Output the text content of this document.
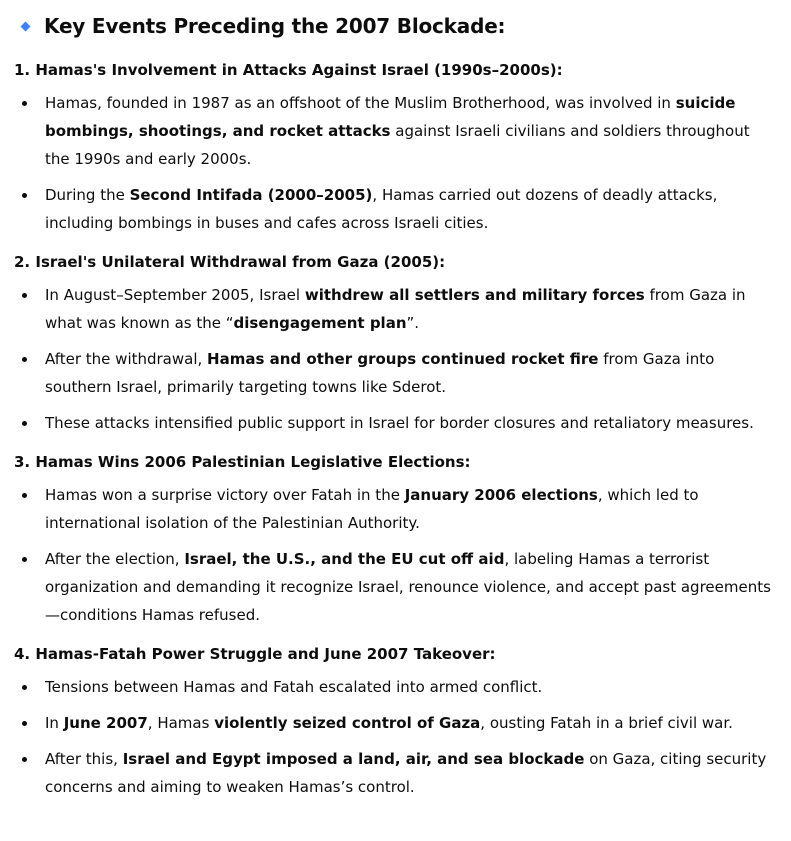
Key Events Preceding the 2007 Blockade:
1. Hamas's Involvement in Attacks Against Israel (1990s–2000s):
Hamas, founded in 1987 as an offshoot of the Muslim Brotherhood, was involved in suicide bombings, shootings, and rocket attacks against Israeli civilians and soldiers throughout the 1990s and early 2000s.
During the Second Intifada (2000–2005), Hamas carried out dozens of deadly attacks, including bombings in buses and cafes across Israeli cities.
2. Israel's Unilateral Withdrawal from Gaza (2005):
In August–September 2005, Israel withdrew all settlers and military forces from Gaza in what was known as the “disengagement plan”.
After the withdrawal, Hamas and other groups continued rocket fire from Gaza into southern Israel, primarily targeting towns like Sderot.
These attacks intensified public support in Israel for border closures and retaliatory measures.
3. Hamas Wins 2006 Palestinian Legislative Elections:
Hamas won a surprise victory over Fatah in the January 2006 elections, which led to international isolation of the Palestinian Authority.
After the election, Israel, the U.S., and the EU cut off aid, labeling Hamas a terrorist organization and demanding it recognize Israel, renounce violence, and accept past agreements—conditions Hamas refused.
4. Hamas-Fatah Power Struggle and June 2007 Takeover:
Tensions between Hamas and Fatah escalated into armed conflict.
In June 2007, Hamas violently seized control of Gaza, ousting Fatah in a brief civil war.
After this, Israel and Egypt imposed a land, air, and sea blockade on Gaza, citing security concerns and aiming to weaken Hamas’s control.
